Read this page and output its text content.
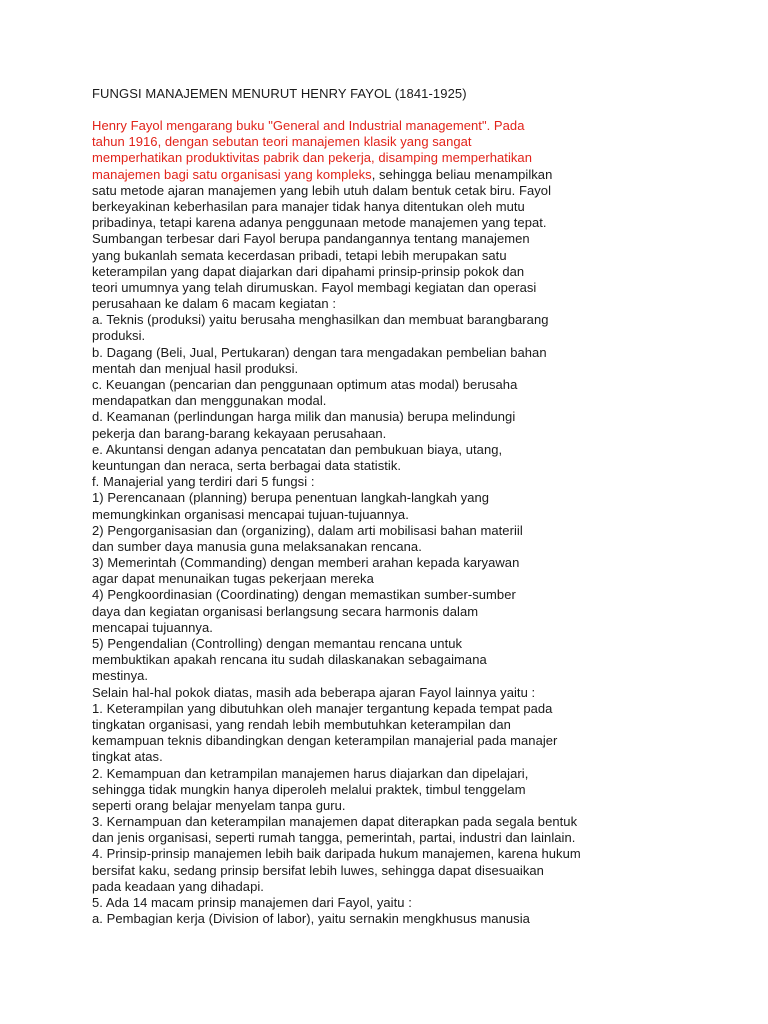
FUNGSI MANAJEMEN MENURUT HENRY FAYOL (1841-1925)
Henry Fayol mengarang buku "General and Industrial management". Pada
tahun 1916, dengan sebutan teori manajemen klasik yang sangat
memperhatikan produktivitas pabrik dan pekerja, disamping memperhatikan
manajemen bagi satu organisasi yang kompleks, sehingga beliau menampilkan
satu metode ajaran manajemen yang lebih utuh dalam bentuk cetak biru. Fayol
berkeyakinan keberhasilan para manajer tidak hanya ditentukan oleh mutu
pribadinya, tetapi karena adanya penggunaan metode manajemen yang tepat.
Sumbangan terbesar dari Fayol berupa pandangannya tentang manajemen
yang bukanlah semata kecerdasan pribadi, tetapi lebih merupakan satu
keterampilan yang dapat diajarkan dari dipahami prinsip-prinsip pokok dan
teori umumnya yang telah dirumuskan. Fayol membagi kegiatan dan operasi
perusahaan ke dalam 6 macam kegiatan :
a. Teknis (produksi) yaitu berusaha menghasilkan dan membuat barangbarang
produksi.
b. Dagang (Beli, Jual, Pertukaran) dengan tara mengadakan pembelian bahan
mentah dan menjual hasil produksi.
c. Keuangan (pencarian dan penggunaan optimum atas modal) berusaha
mendapatkan dan menggunakan modal.
d. Keamanan (perlindungan harga milik dan manusia) berupa melindungi
pekerja dan barang-barang kekayaan perusahaan.
e. Akuntansi dengan adanya pencatatan dan pembukuan biaya, utang,
keuntungan dan neraca, serta berbagai data statistik.
f. Manajerial yang terdiri dari 5 fungsi :
1) Perencanaan (planning) berupa penentuan langkah-langkah yang
memungkinkan organisasi mencapai tujuan-tujuannya.
2) Pengorganisasian dan (organizing), dalam arti mobilisasi bahan materiil
dan sumber daya manusia guna melaksanakan rencana.
3) Memerintah (Commanding) dengan memberi arahan kepada karyawan
agar dapat menunaikan tugas pekerjaan mereka
4) Pengkoordinasian (Coordinating) dengan memastikan sumber-sumber
daya dan kegiatan organisasi berlangsung secara harmonis dalam
mencapai tujuannya.
5) Pengendalian (Controlling) dengan memantau rencana untuk
membuktikan apakah rencana itu sudah dilaskanakan sebagaimana
mestinya.
Selain hal-hal pokok diatas, masih ada beberapa ajaran Fayol lainnya yaitu :
1. Keterampilan yang dibutuhkan oleh manajer tergantung kepada tempat pada
tingkatan organisasi, yang rendah lebih membutuhkan keterampilan dan
kemampuan teknis dibandingkan dengan keterampilan manajerial pada manajer
tingkat atas.
2. Kemampuan dan ketrampilan manajemen harus diajarkan dan dipelajari,
sehingga tidak mungkin hanya diperoleh melalui praktek, timbul tenggelam
seperti orang belajar menyelam tanpa guru.
3. Kernampuan dan keterampilan manajemen dapat diterapkan pada segala bentuk
dan jenis organisasi, seperti rumah tangga, pemerintah, partai, industri dan lainlain.
4. Prinsip-prinsip manajemen lebih baik daripada hukum manajemen, karena hukum
bersifat kaku, sedang prinsip bersifat lebih luwes, sehingga dapat disesuaikan
pada keadaan yang dihadapi.
5. Ada 14 macam prinsip manajemen dari Fayol, yaitu :
a. Pembagian kerja (Division of labor), yaitu sernakin mengkhusus manusia
